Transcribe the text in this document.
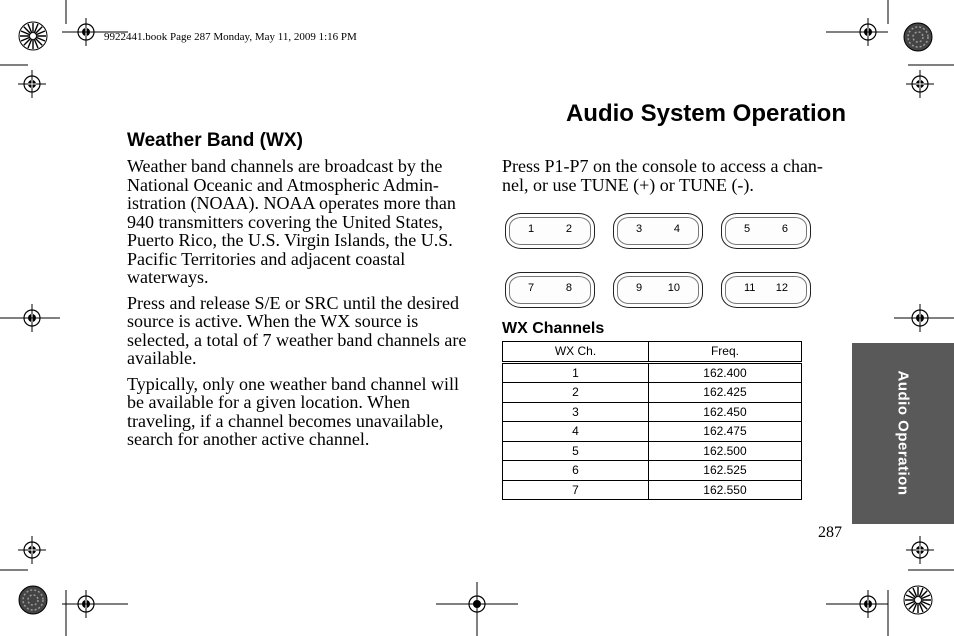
9922441.book Page 287 Monday, May 11, 2009 1:16 PM
Audio System Operation
Weather Band (WX)

Weather band channels are broadcast by the National Oceanic and Atmospheric Admin-istration (NOAA). NOAA operates more than 940 transmitters covering the United States, Puerto Rico, the U.S. Virgin Islands, the U.S. Pacific Territories and adjacent coastal waterways.

Press and release S/E or SRC until the desired source is active. When the WX source is selected, a total of 7 weather band channels are available.

Typically, only one weather band channel will be available for a given location. When traveling, if a channel becomes unavailable, search for another active channel.

Press P1-P7 on the console to access a chan-nel, or use TUNE (+) or TUNE (-).

1	2	3	4	5	6
7	8	9 10	11 12
WX Channels
WX Ch.	Freq.
1	162.400
2	162.425
3	162.450
4	162.475
5	162.500
6	162.525
7	162.550	Audio Operation
287
